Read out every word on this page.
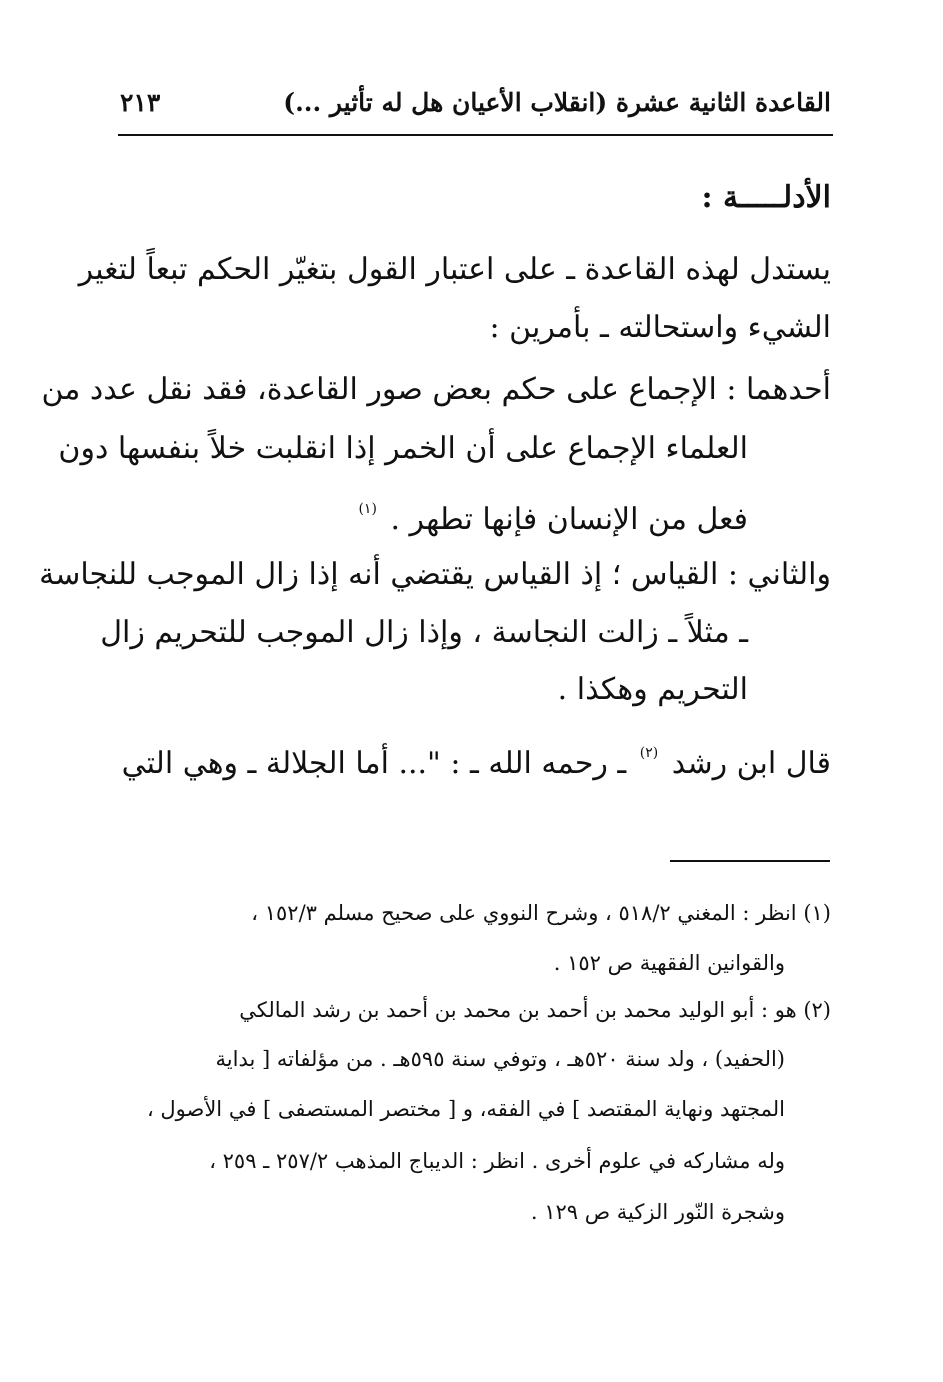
القاعدة الثانية عشرة (انقلاب الأعيان هل له تأثير ...)
٢١٣
الأدلـــــة :
يستدل لهذه القاعدة ـ على اعتبار القول بتغيّر الحكم تبعاً لتغير
الشيء واستحالته ـ بأمرين :
أحدهما : الإجماع على حكم بعض صور القاعدة، فقد نقل عدد من
العلماء الإجماع على أن الخمر إذا انقلبت خلاً بنفسها دون
فعل من الإنسان فإنها تطهر . $^{(١)}$
والثاني : القياس ؛ إذ القياس يقتضي أنه إذا زال الموجب للنجاسة
ـ مثلاً ـ زالت النجاسة ، وإذا زال الموجب للتحريم زال
التحريم وهكذا .
قال ابن رشد $^{(٢)}$ ـ رحمه الله ـ : "... أما الجلالة ـ وهي التي
(١) انظر : المغني ٥١٨/٢ ، وشرح النووي على صحيح مسلم ١٥٢/٣ ،
والقوانين الفقهية ص ١٥٢ .
(٢) هو : أبو الوليد محمد بن أحمد بن محمد بن أحمد بن رشد المالكي
(الحفيد) ، ولد سنة ٥٢٠هـ ، وتوفي سنة ٥٩٥هـ . من مؤلفاته [ بداية
المجتهد ونهاية المقتصد ] في الفقه، و [ مختصر المستصفى ] في الأصول ،
وله مشاركه في علوم أخرى . انظر : الديباج المذهب ٢٥٧/٢ ـ ٢٥٩ ،
وشجرة النّور الزكية ص ١٢٩ .
